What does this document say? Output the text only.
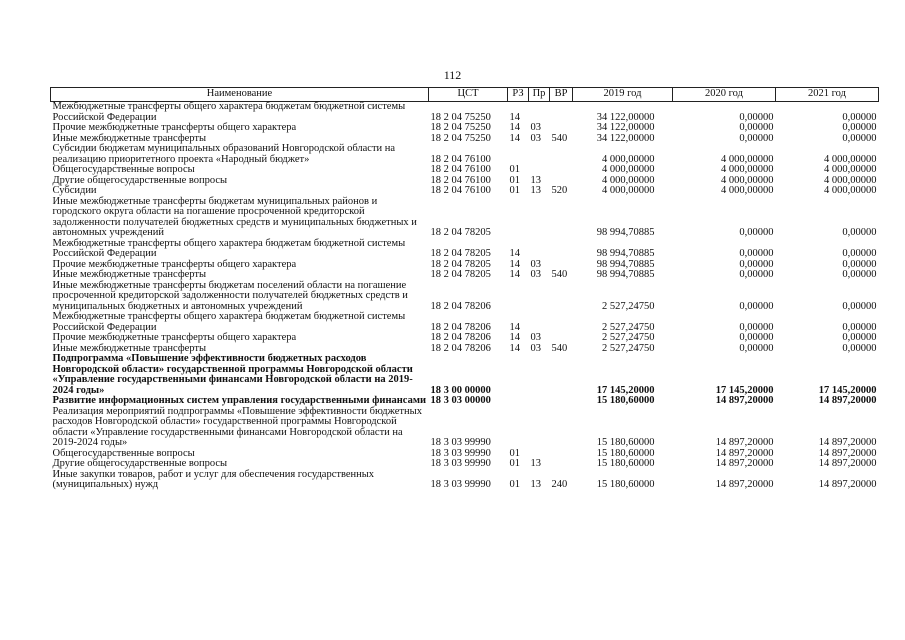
112
Наименование	ЦСТ	РЗ	Пр	ВР	2019 год	2020 год	2021 год
Межбюджетные трансферты общего характера бюджетам бюджетной системы Российской Федерации	18 2 04 75250	14			34 122,00000	0,00000	0,00000
Прочие межбюджетные трансферты общего характера	18 2 04 75250	14	03		34 122,00000	0,00000	0,00000
Иные межбюджетные трансферты	18 2 04 75250	14	03	540	34 122,00000	0,00000	0,00000
Субсидии бюджетам муниципальных образований Новгородской области на реализацию приоритетного проекта «Народный бюджет»	18 2 04 76100				4 000,00000	4 000,00000	4 000,00000
Общегосударственные вопросы	18 2 04 76100	01			4 000,00000	4 000,00000	4 000,00000
Другие общегосударственные вопросы	18 2 04 76100	01	13		4 000,00000	4 000,00000	4 000,00000
Субсидии	18 2 04 76100	01	13	520	4 000,00000	4 000,00000	4 000,00000
Иные межбюджетные трансферты бюджетам муниципальных районов и городского округа области на погашение просроченной кредиторской задолженности получателей бюджетных средств и муниципальных бюджетных и автономных учреждений	18 2 04 78205				98 994,70885	0,00000	0,00000
Межбюджетные трансферты общего характера бюджетам бюджетной системы Российской Федерации	18 2 04 78205	14			98 994,70885	0,00000	0,00000
Прочие межбюджетные трансферты общего характера	18 2 04 78205	14	03		98 994,70885	0,00000	0,00000
Иные межбюджетные трансферты	18 2 04 78205	14	03	540	98 994,70885	0,00000	0,00000
Иные межбюджетные трансферты бюджетам поселений области на погашение просроченной кредиторской задолженности получателей бюджетных средств и муниципальных бюджетных и автономных учреждений	18 2 04 78206				2 527,24750	0,00000	0,00000
Межбюджетные трансферты общего характера бюджетам бюджетной системы Российской Федерации	18 2 04 78206	14			2 527,24750	0,00000	0,00000
Прочие межбюджетные трансферты общего характера	18 2 04 78206	14	03		2 527,24750	0,00000	0,00000
Иные межбюджетные трансферты	18 2 04 78206	14	03	540	2 527,24750	0,00000	0,00000
Подпрограмма «Повышение эффективности бюджетных расходов Новгородской области» государственной программы Новгородской области «Управление государственными финансами Новгородской области на 2019-2024 годы»	18 3 00 00000				17 145,20000	17 145,20000	17 145,20000
Развитие информационных систем управления государственными финансами	18 3 03 00000				15 180,60000	14 897,20000	14 897,20000
Реализация мероприятий подпрограммы «Повышение эффективности бюджетных расходов Новгородской области» государственной программы Новгородской области «Управление государственными финансами Новгородской области на 2019-2024 годы»	18 3 03 99990				15 180,60000	14 897,20000	14 897,20000
Общегосударственные вопросы	18 3 03 99990	01			15 180,60000	14 897,20000	14 897,20000
Другие общегосударственные вопросы	18 3 03 99990	01	13		15 180,60000	14 897,20000	14 897,20000
Иные закупки товаров, работ и услуг для обеспечения государственных (муниципальных) нужд	18 3 03 99990	01	13	240	15 180,60000	14 897,20000	14 897,20000
